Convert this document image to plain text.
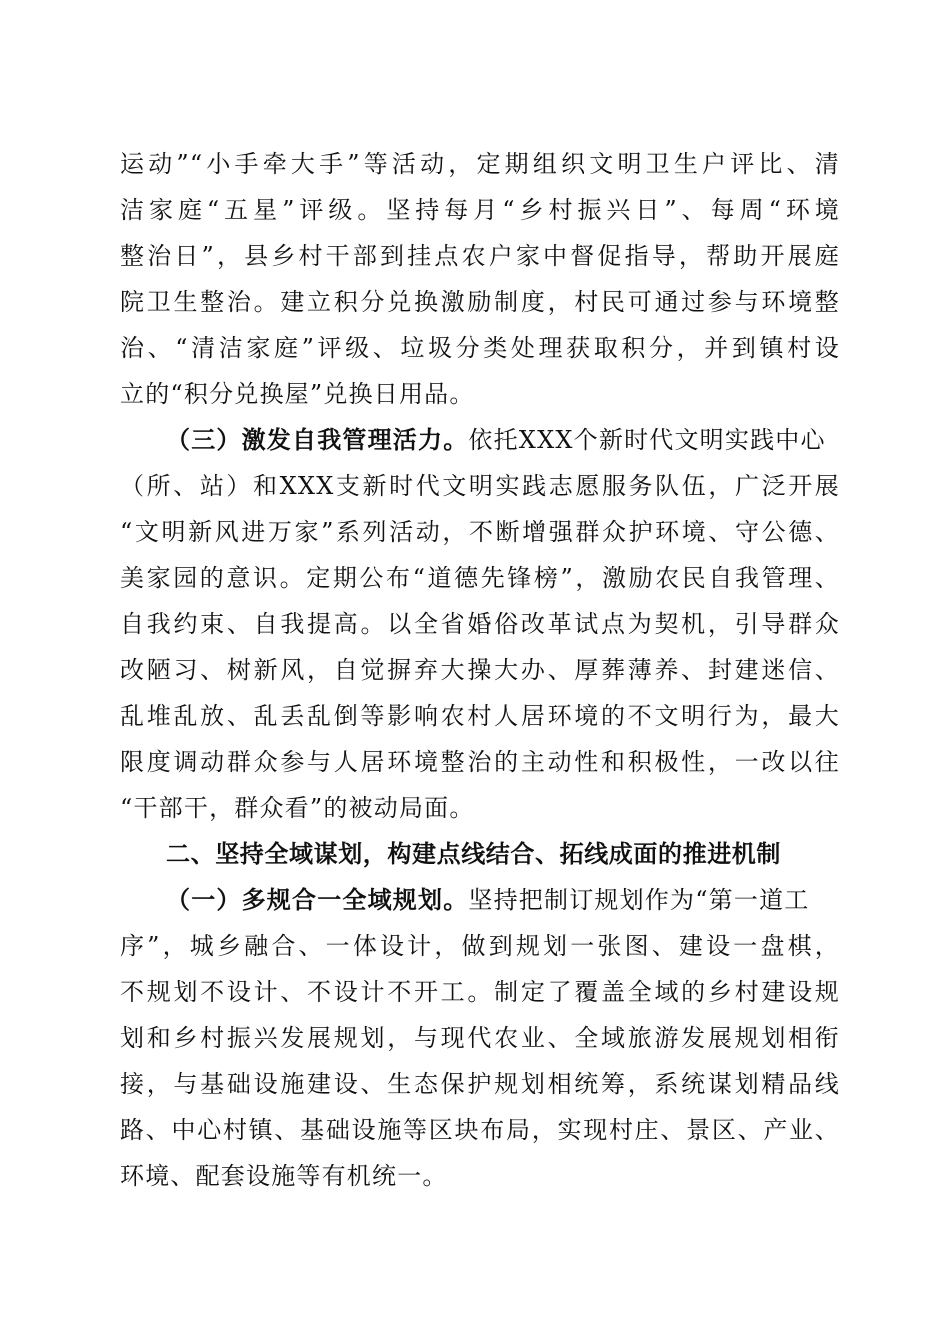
运动”“小手牵大手”等活动，定期组织文明卫生户评比、清
洁家庭“五星”评级。坚持每月“乡村振兴日”、每周“环境
整治日”，县乡村干部到挂点农户家中督促指导，帮助开展庭
院卫生整治。建立积分兑换激励制度，村民可通过参与环境整
治、“清洁家庭”评级、垃圾分类处理获取积分，并到镇村设
立的“积分兑换屋”兑换日用品。
（三）激发自我管理活力。依托XXX个新时代文明实践中心
（所、站）和XXX支新时代文明实践志愿服务队伍，广泛开展
“文明新风进万家”系列活动，不断增强群众护环境、守公德、
美家园的意识。定期公布“道德先锋榜”，激励农民自我管理、
自我约束、自我提高。以全省婚俗改革试点为契机，引导群众
改陋习、树新风，自觉摒弃大操大办、厚葬薄养、封建迷信、
乱堆乱放、乱丢乱倒等影响农村人居环境的不文明行为，最大
限度调动群众参与人居环境整治的主动性和积极性，一改以往
“干部干，群众看”的被动局面。
二、坚持全域谋划，构建点线结合、拓线成面的推进机制
（一）多规合一全域规划。坚持把制订规划作为“第一道工
序”，城乡融合、一体设计，做到规划一张图、建设一盘棋，
不规划不设计、不设计不开工。制定了覆盖全域的乡村建设规
划和乡村振兴发展规划，与现代农业、全域旅游发展规划相衔
接，与基础设施建设、生态保护规划相统筹，系统谋划精品线
路、中心村镇、基础设施等区块布局，实现村庄、景区、产业、
环境、配套设施等有机统一。
